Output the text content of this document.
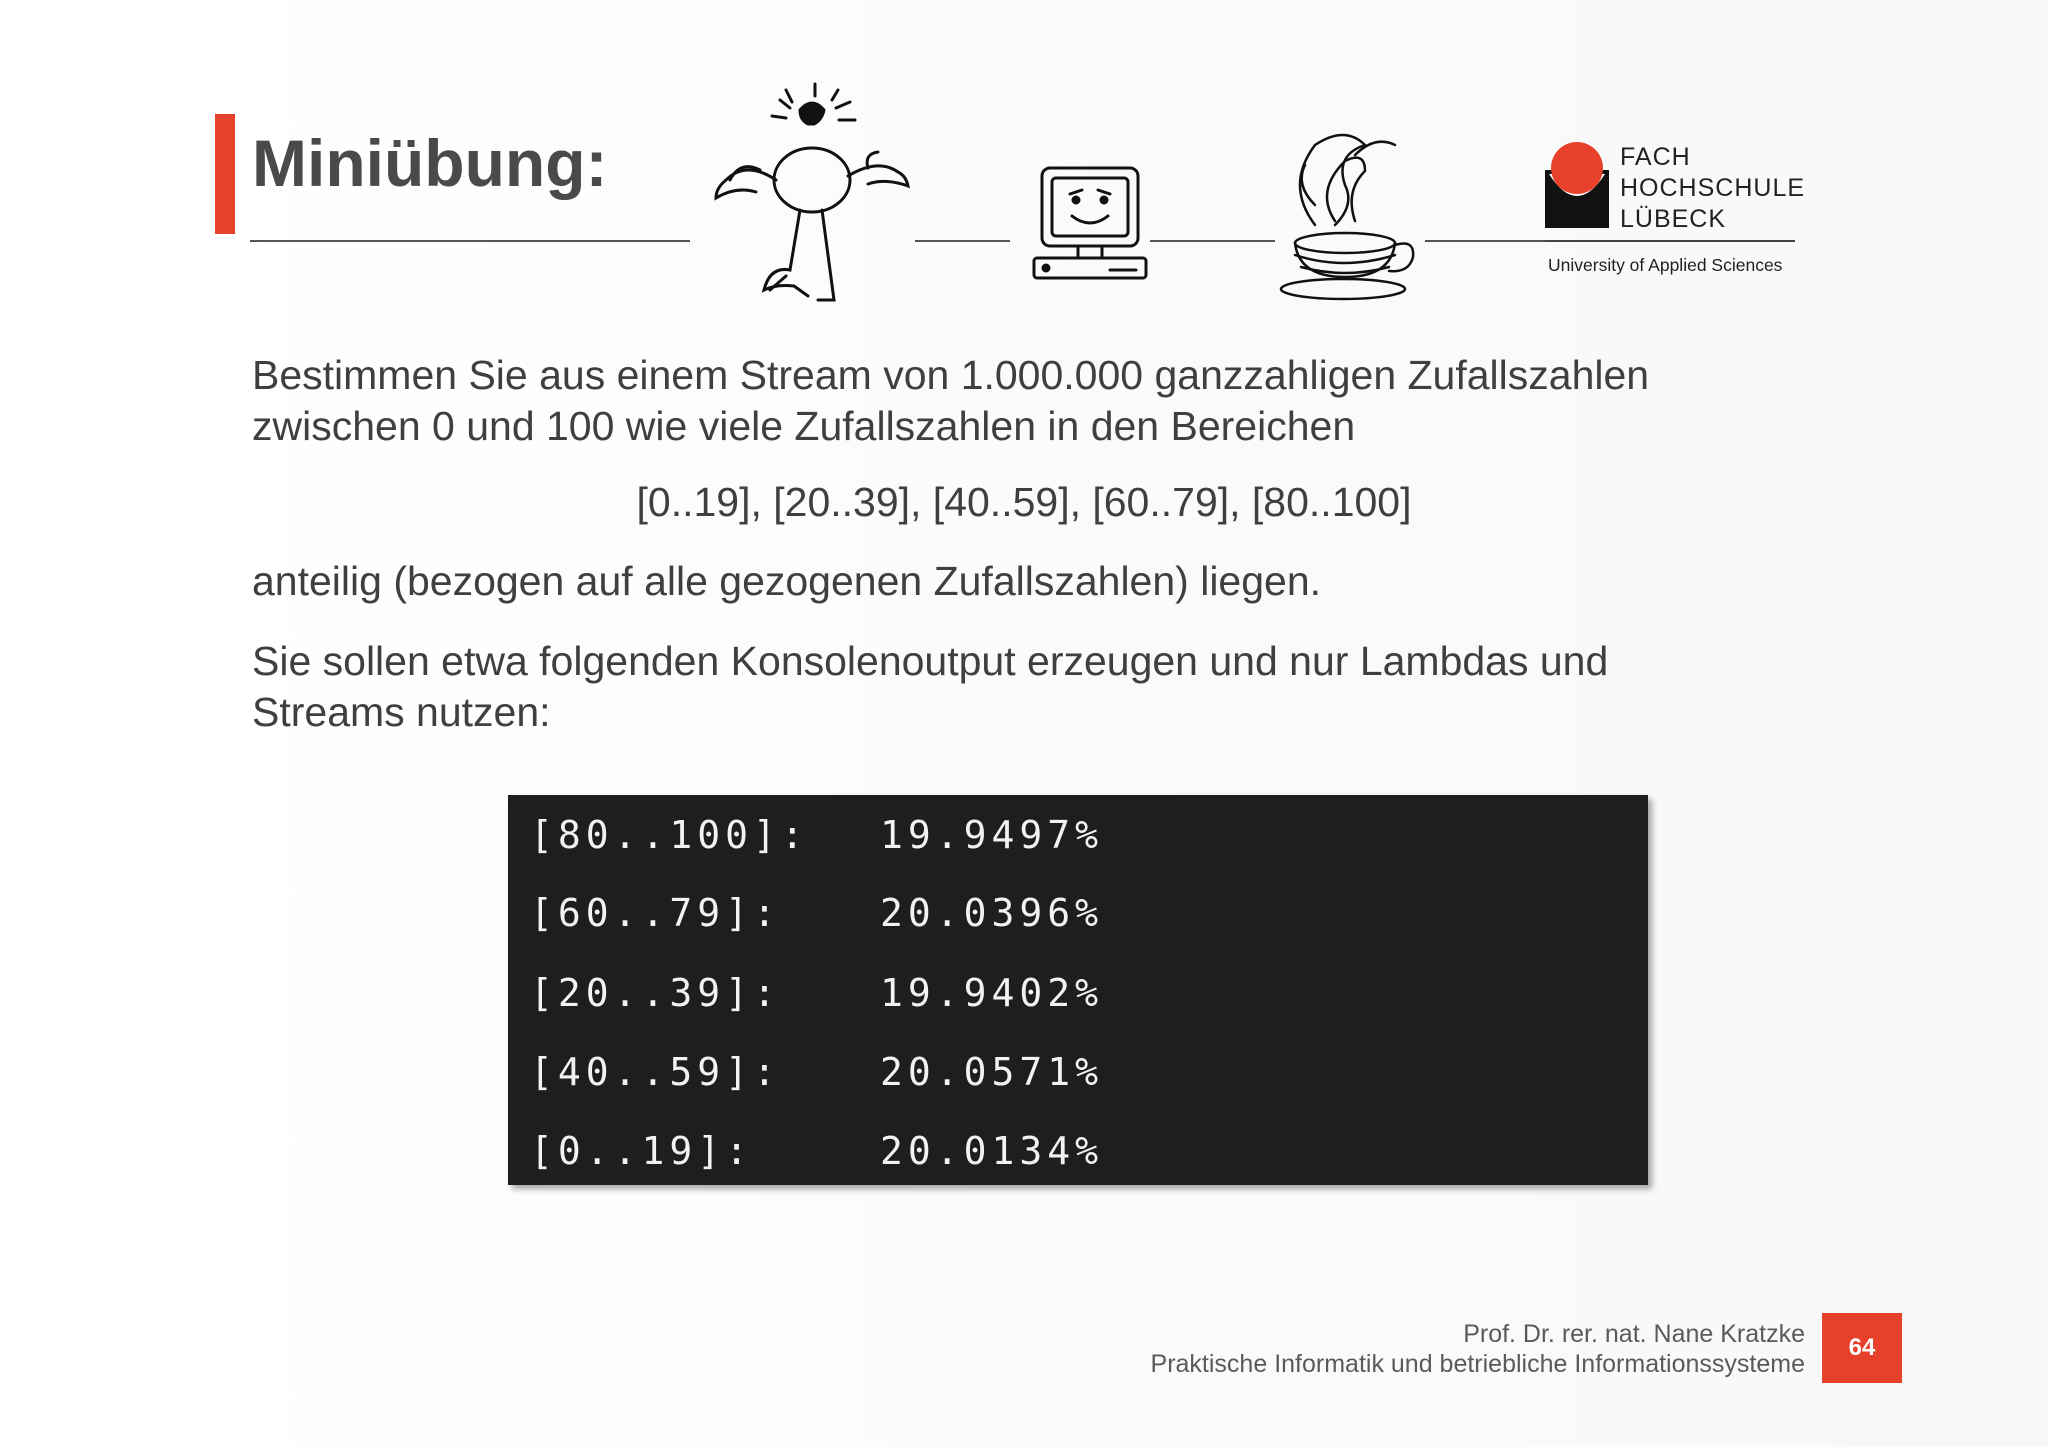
Miniübung:	FACH
HOCHSCHULE
LÜBECK
University of Applied Sciences

Bestimmen Sie aus einem Stream von 1.000.000 ganzzahligen Zufallszahlen
zwischen 0 und 100 wie viele Zufallszahlen in den Bereichen

[0..19], [20..39], [40..59], [60..79], [80..100]

anteilig (bezogen auf alle gezogenen Zufallszahlen) liegen.

Sie sollen etwa folgenden Konsolenoutput erzeugen und nur Lambdas und
Streams nutzen:

[80..100]: 19.9497%
[60..79]:	20.0396%
[20..39]:	19.9402%
[40..59]:	20.0571%
[0..19]:	20.0134%
Prof. Dr. rer. nat. Nane Kratzke
Praktische Informatik und betriebliche Informationssysteme
64
